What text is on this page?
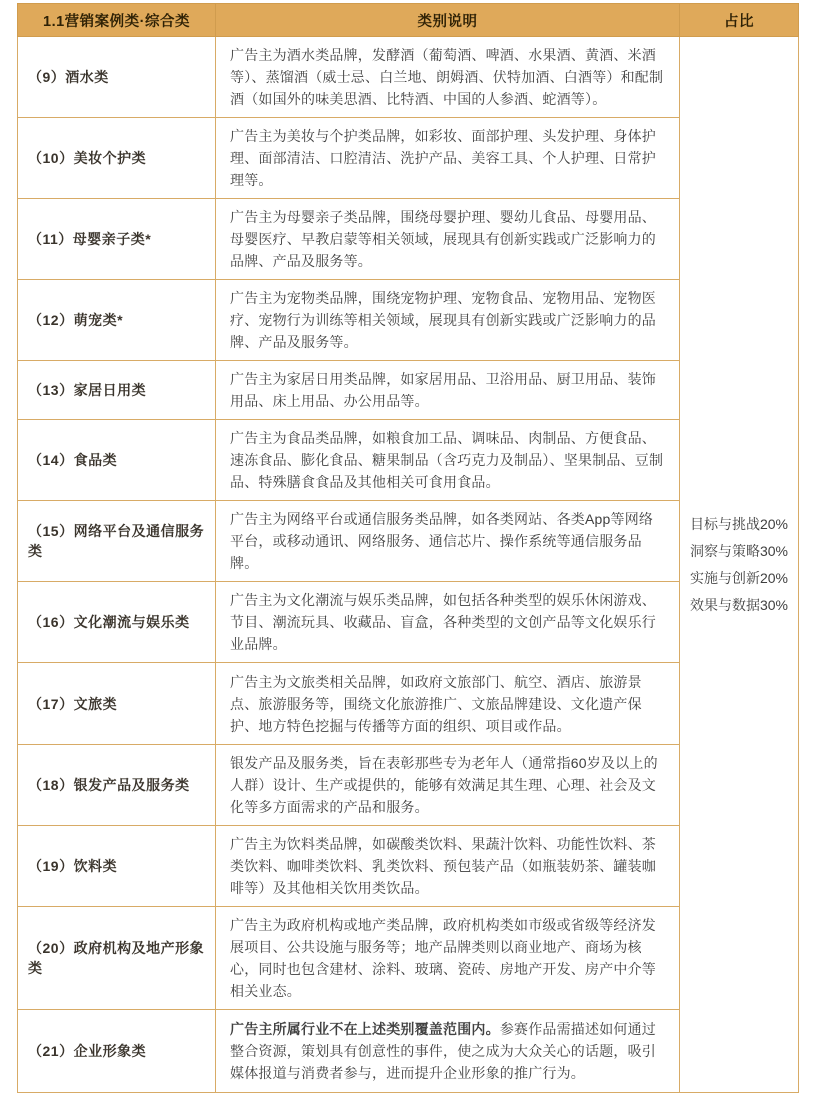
1.1营销案例类·综合类	类别说明	占比
（9）酒水类	广告主为酒水类品牌，发酵酒（葡萄酒、啤酒、水果酒、黄酒、米酒等）、蒸馏酒（威士忌、白兰地、朗姆酒、伏特加酒、白酒等）和配制酒（如国外的味美思酒、比特酒、中国的人参酒、蛇酒等）。	目标与挑战20%
洞察与策略30%
实施与创新20%
效果与数据30%

（10）美妆个护类	广告主为美妆与个护类品牌，如彩妆、面部护理、头发护理、身体护理、面部清洁、口腔清洁、洗护产品、美容工具、个人护理、日常护理等。	
（11）母婴亲子类*	广告主为母婴亲子类品牌，围绕母婴护理、婴幼儿食品、母婴用品、母婴医疗、早教启蒙等相关领域，展现具有创新实践或广泛影响力的品牌、产品及服务等。	
（12）萌宠类*	广告主为宠物类品牌，围绕宠物护理、宠物食品、宠物用品、宠物医疗、宠物行为训练等相关领域，展现具有创新实践或广泛影响力的品牌、产品及服务等。	
（13）家居日用类	广告主为家居日用类品牌，如家居用品、卫浴用品、厨卫用品、装饰用品、床上用品、办公用品等。	
（14）食品类	广告主为食品类品牌，如粮食加工品、调味品、肉制品、方便食品、速冻食品、膨化食品、糖果制品（含巧克力及制品）、坚果制品、豆制品、特殊膳食食品及其他相关可食用食品。	
（15）网络平台及通信服务类	广告主为网络平台或通信服务类品牌，如各类网站、各类App等网络平台，或移动通讯、网络服务、通信芯片、操作系统等通信服务品牌。	
（16）文化潮流与娱乐类	广告主为文化潮流与娱乐类品牌，如包括各种类型的娱乐休闲游戏、节目、潮流玩具、收藏品、盲盒，各种类型的文创产品等文化娱乐行业品牌。	
（17）文旅类	广告主为文旅类相关品牌，如政府文旅部门、航空、酒店、旅游景点、旅游服务等，围绕文化旅游推广、文旅品牌建设、文化遗产保护、地方特色挖掘与传播等方面的组织、项目或作品。	
（18）银发产品及服务类	银发产品及服务类，旨在表彰那些专为老年人（通常指60岁及以上的人群）设计、生产或提供的，能够有效满足其生理、心理、社会及文化等多方面需求的产品和服务。	
（19）饮料类	广告主为饮料类品牌，如碳酸类饮料、果蔬汁饮料、功能性饮料、茶类饮料、咖啡类饮料、乳类饮料、预包装产品（如瓶装奶茶、罐装咖啡等）及其他相关饮用类饮品。	
（20）政府机构及地产形象类	广告主为政府机构或地产类品牌，政府机构类如市级或省级等经济发展项目、公共设施与服务等；地产品牌类则以商业地产、商场为核心，同时也包含建材、涂料、玻璃、瓷砖、房地产开发、房产中介等相关业态。	
（21）企业形象类	广告主所属行业不在上述类别覆盖范围内。参赛作品需描述如何通过整合资源，策划具有创意性的事件，使之成为大众关心的话题，吸引媒体报道与消费者参与，进而提升企业形象的推广行为。	
